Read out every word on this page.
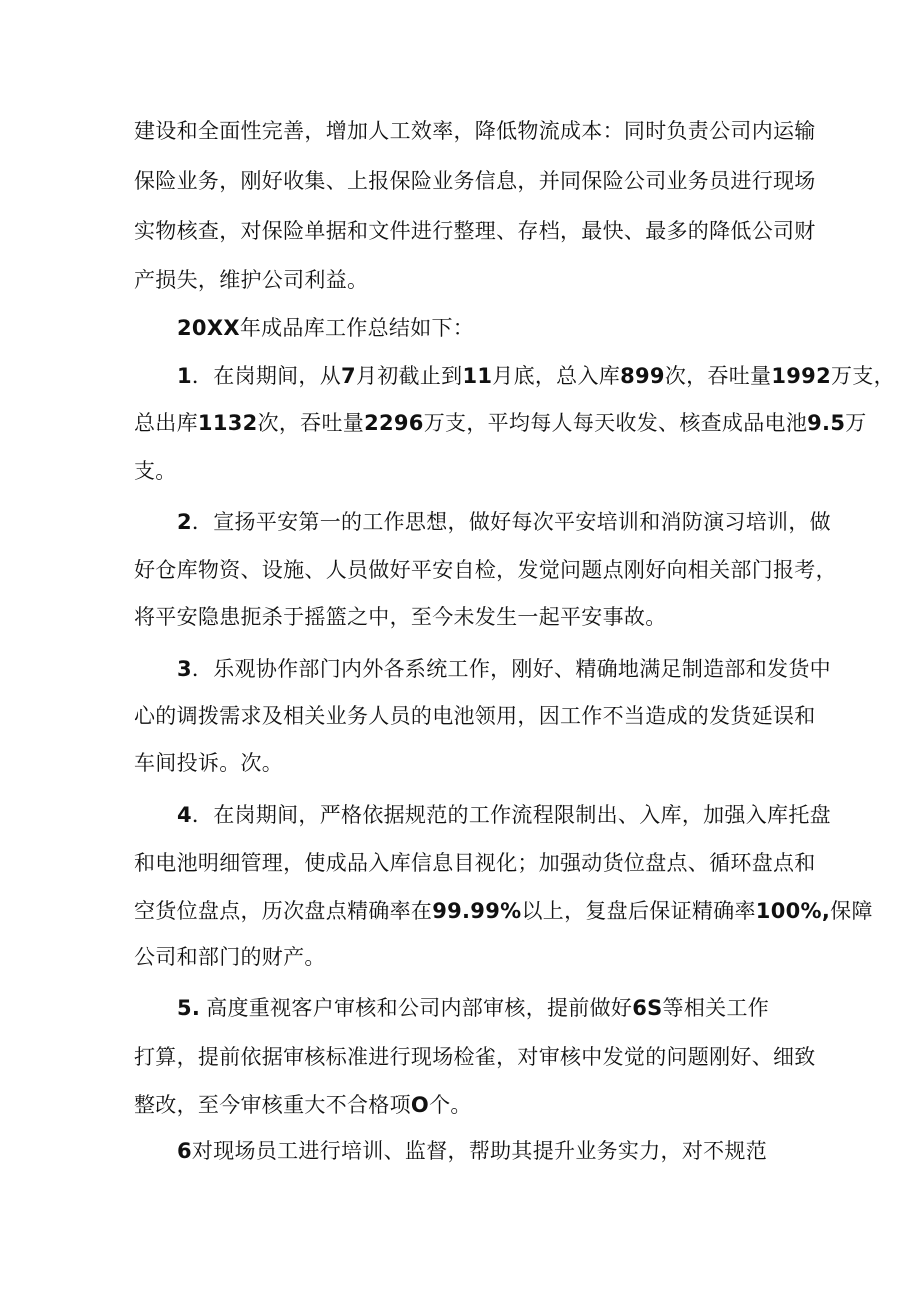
建设和全面性完善，增加人工效率，降低物流成本：同时负责公司内运输

保险业务，刚好收集、上报保险业务信息，并同保险公司业务员进行现场

实物核查，对保险单据和文件进行整理、存档，最快、最多的降低公司财

产损失，维护公司利益。

20XX年成品库工作总结如下：

1．在岗期间，从7月初截止到11月底，总入库899次，吞吐量1992万支，

总出库1132次，吞吐量2296万支，平均每人每天收发、核查成品电池9.5万

支。

2．宣扬平安第一的工作思想，做好每次平安培训和消防演习培训，做

好仓库物资、设施、人员做好平安自检，发觉问题点刚好向相关部门报考，

将平安隐患扼杀于摇篮之中，至今未发生一起平安事故。

3．乐观协作部门内外各系统工作，刚好、精确地满足制造部和发货中

心的调拨需求及相关业务人员的电池领用，因工作不当造成的发货延误和

车间投诉。次。

4．在岗期间，严格依据规范的工作流程限制出、入库，加强入库托盘

和电池明细管理，使成品入库信息目视化；加强动货位盘点、循环盘点和

空货位盘点，历次盘点精确率在99.99%以上，复盘后保证精确率100%,保障

公司和部门的财产。

5. 高度重视客户审核和公司内部审核，提前做好6S等相关工作

打算，提前依据审核标准进行现场检雀，对审核中发觉的问题刚好、细致

整改，至今审核重大不合格项O个。

6对现场员工进行培训、监督，帮助其提升业务实力，对不规范
